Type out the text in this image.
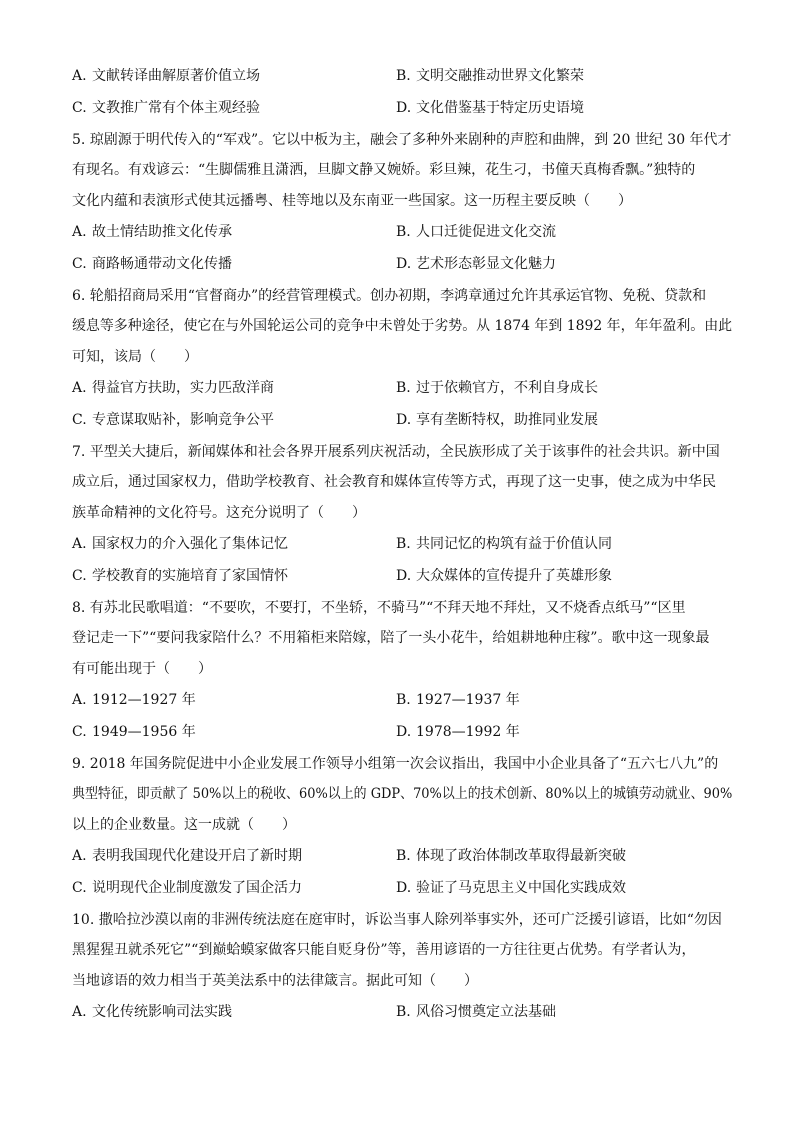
A. 文献转译曲解原著价值立场	B. 文明交融推动世界文化繁荣
C. 文教推广常有个体主观经验	D. 文化借鉴基于特定历史语境
5. 琼剧源于明代传入的“军戏”。它以中板为主，融会了多种外来剧种的声腔和曲牌，到 20 世纪 30 年代才
有现名。有戏谚云：“生脚儒雅且潇洒，旦脚文静又婉娇。彩旦辣，花生刁，书僮天真梅香飘。”独特的
文化内蕴和表演形式使其远播粤、桂等地以及东南亚一些国家。这一历程主要反映（　　）
A. 故土情结助推文化传承	B. 人口迁徙促进文化交流
C. 商路畅通带动文化传播	D. 艺术形态彰显文化魅力
6. 轮船招商局采用“官督商办”的经营管理模式。创办初期，李鸿章通过允许其承运官物、免税、贷款和
缓息等多种途径，使它在与外国轮运公司的竞争中未曾处于劣势。从 1874 年到 1892 年，年年盈利。由此
可知，该局（　　）
A. 得益官方扶助，实力匹敌洋商	B. 过于依赖官方，不利自身成长
C. 专意谋取贴补，影响竞争公平	D. 享有垄断特权，助推同业发展
7. 平型关大捷后，新闻媒体和社会各界开展系列庆祝活动，全民族形成了关于该事件的社会共识。新中国
成立后，通过国家权力，借助学校教育、社会教育和媒体宣传等方式，再现了这一史事，使之成为中华民
族革命精神的文化符号。这充分说明了（　　）
A. 国家权力的介入强化了集体记忆	B. 共同记忆的构筑有益于价值认同
C. 学校教育的实施培育了家国情怀	D. 大众媒体的宣传提升了英雄形象
8. 有苏北民歌唱道：“不要吹，不要打，不坐轿，不骑马”“不拜天地不拜灶，又不烧香点纸马”“区里
登记走一下”“要问我家陪什么？不用箱柜来陪嫁，陪了一头小花牛，给姐耕地种庄稼”。歌中这一现象最
有可能出现于（　　）
A. 1912—1927 年	B. 1927—1937 年
C. 1949—1956 年	D. 1978—1992 年
9. 2018 年国务院促进中小企业发展工作领导小组第一次会议指出，我国中小企业具备了“五六七八九”的
典型特征，即贡献了 50%以上的税收、60%以上的 GDP、70%以上的技术创新、80%以上的城镇劳动就业、90%
以上的企业数量。这一成就（　　）
A. 表明我国现代化建设开启了新时期	B. 体现了政治体制改革取得最新突破
C. 说明现代企业制度激发了国企活力	D. 验证了马克思主义中国化实践成效
10. 撒哈拉沙漠以南的非洲传统法庭在庭审时，诉讼当事人除列举事实外，还可广泛援引谚语，比如“勿因
黑猩猩丑就杀死它”“到巅蛤蟆家做客只能自贬身份”等，善用谚语的一方往往更占优势。有学者认为，
当地谚语的效力相当于英美法系中的法律箴言。据此可知（　　）
A. 文化传统影响司法实践	B. 风俗习惯奠定立法基础
